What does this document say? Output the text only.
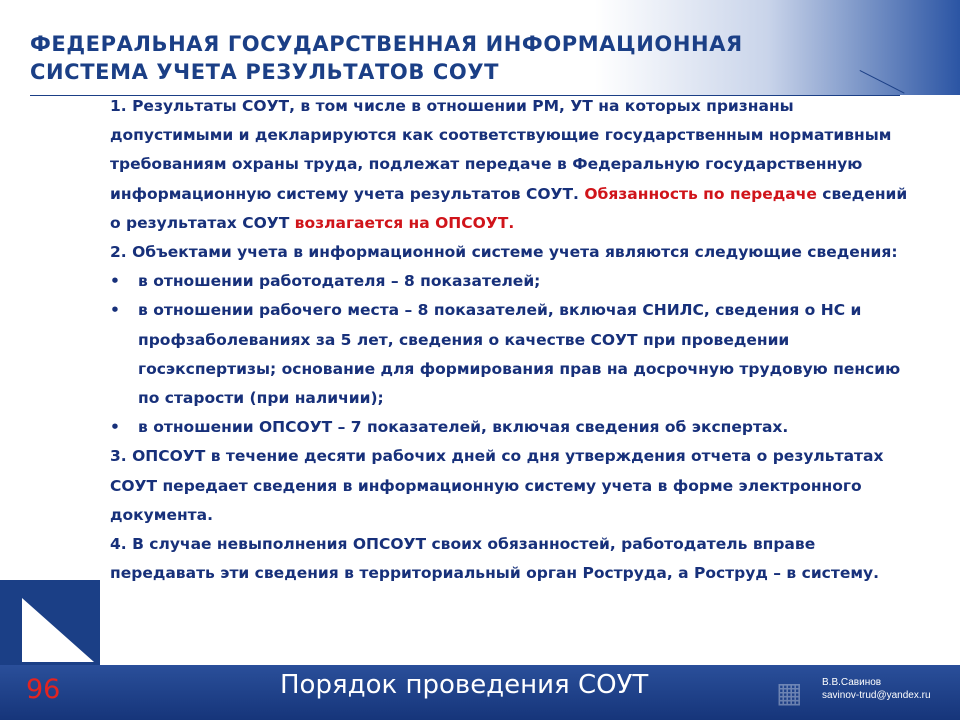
ФЕДЕРАЛЬНАЯ ГОСУДАРСТВЕННАЯ ИНФОРМАЦИОННАЯ
СИСТЕМА УЧЕТА РЕЗУЛЬТАТОВ СОУТ

1. Результаты СОУТ, в том числе в отношении РМ, УТ на которых признаны допустимыми и декларируются как соответствующие государственным нормативным требованиям охраны труда, подлежат передаче в Федеральную государственную информационную систему учета результатов СОУТ. Обязанность по передаче сведений о результатах СОУТ возлагается на ОПСОУТ.

2. Объектами учета в информационной системе учета являются следующие сведения:

• в отношении работодателя – 8 показателей;
• в отношении рабочего места – 8 показателей, включая СНИЛС, сведения о НС и профзаболеваниях за 5 лет, сведения о качестве СОУТ при проведении госэкспертизы; основание для формирования прав на досрочную трудовую пенсию по старости (при наличии);
• в отношении ОПСОУТ – 7 показателей, включая сведения об экспертах.

3. ОПСОУТ в течение десяти рабочих дней со дня утверждения отчета о результатах СОУТ передает сведения в информационную систему учета в форме электронного документа.

4. В случае невыполнения ОПСОУТ своих обязанностей, работодатель вправе передавать эти сведения в территориальный орган Роструда, а Роструд – в систему.

96	Порядок проведения СОУТ	▦ В.В.Савинов
savinov-trud@yandex.ru
